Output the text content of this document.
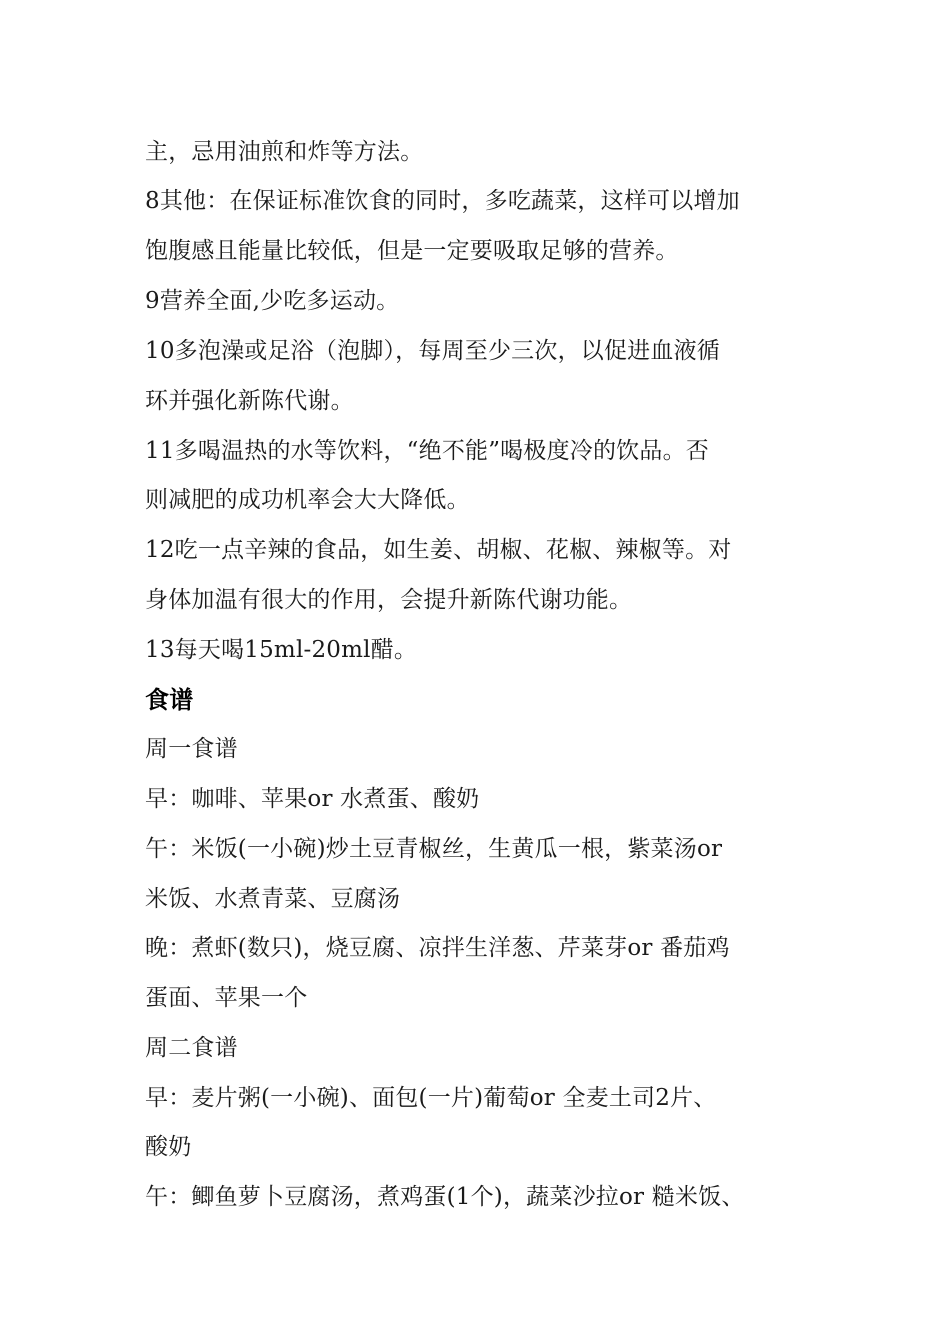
主，忌用油煎和炸等方法。

8其他：在保证标准饮食的同时，多吃蔬菜，这样可以增加

饱腹感且能量比较低，但是一定要吸取足够的营养。

9营养全面,少吃多运动。

10多泡澡或足浴（泡脚），每周至少三次，以促进血液循

环并强化新陈代谢。

11多喝温热的水等饮料，“绝不能”喝极度冷的饮品。否

则减肥的成功机率会大大降低。

12吃一点辛辣的食品，如生姜、胡椒、花椒、辣椒等。对

身体加温有很大的作用，会提升新陈代谢功能。

13每天喝15ml-20ml醋。

食谱

周一食谱

早：咖啡、苹果or 水煮蛋、酸奶

午：米饭(一小碗)炒土豆青椒丝，生黄瓜一根，紫菜汤or

米饭、水煮青菜、豆腐汤

晚：煮虾(数只)，烧豆腐、凉拌生洋葱、芹菜芽or 番茄鸡

蛋面、苹果一个

周二食谱

早：麦片粥(一小碗)、面包(一片)葡萄or 全麦土司2片、

酸奶

午：鲫鱼萝卜豆腐汤，煮鸡蛋(1个)，蔬菜沙拉or 糙米饭、
